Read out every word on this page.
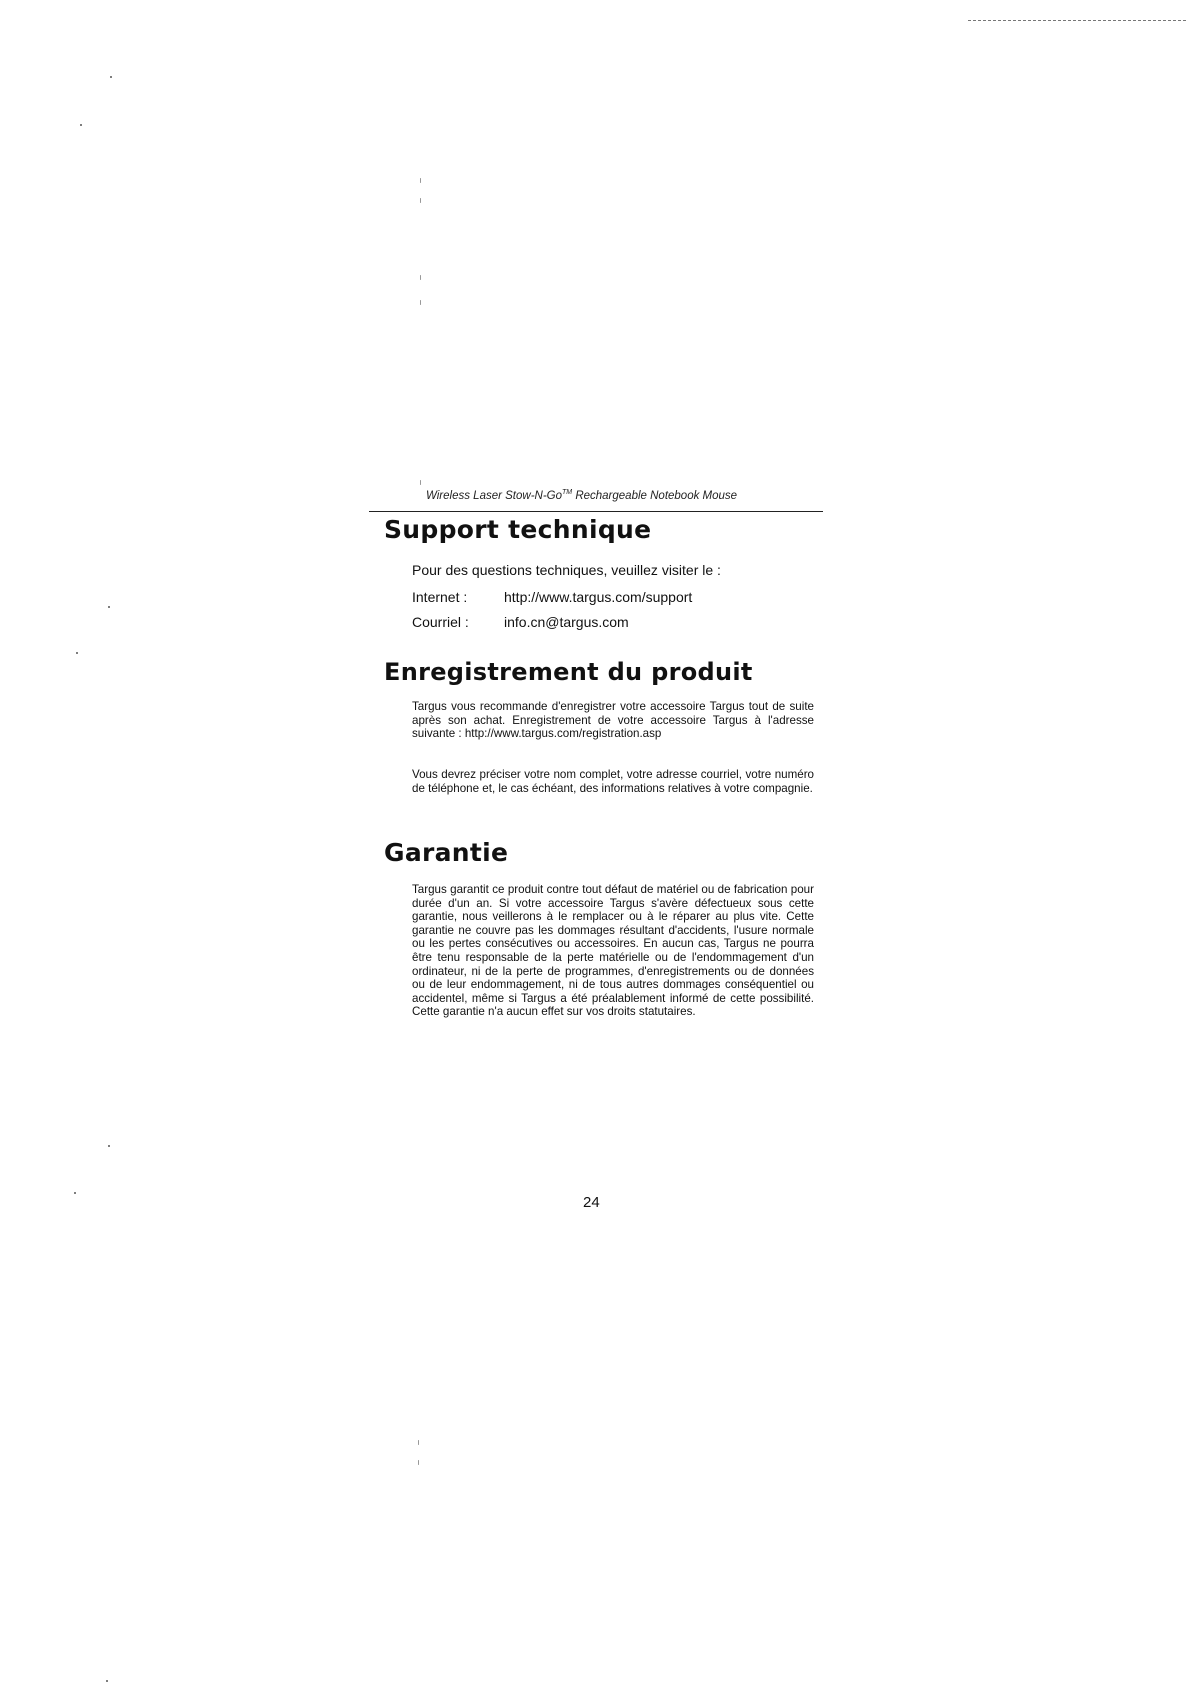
Wireless Laser Stow-N-Go™ Rechargeable Notebook Mouse
Support technique
Pour des questions techniques, veuillez visiter le :
Internet :	http://www.targus.com/support
Courriel :	info.cn@targus.com
Enregistrement du produit
Targus vous recommande d'enregistrer votre accessoire Targus tout de suite après son achat. Enregistrement de votre accessoire Targus à l'adresse suivante : http://www.targus.com/registration.asp
Vous devrez préciser votre nom complet, votre adresse courriel, votre numéro de téléphone et, le cas échéant, des informations relatives à votre compagnie.
Garantie
Targus garantit ce produit contre tout défaut de matériel ou de fabrication pour durée d'un an. Si votre accessoire Targus s'avère défectueux sous cette garantie, nous veillerons à le remplacer ou à le réparer au plus vite. Cette garantie ne couvre pas les dommages résultant d'accidents, l'usure normale ou les pertes consécutives ou accessoires. En aucun cas, Targus ne pourra être tenu responsable de la perte matérielle ou de l'endommagement d'un ordinateur, ni de la perte de programmes, d'enregistrements ou de données ou de leur endommagement, ni de tous autres dommages conséquentiel ou accidentel, même si Targus a été préalablement informé de cette possibilité. Cette garantie n'a aucun effet sur vos droits statutaires.
24
